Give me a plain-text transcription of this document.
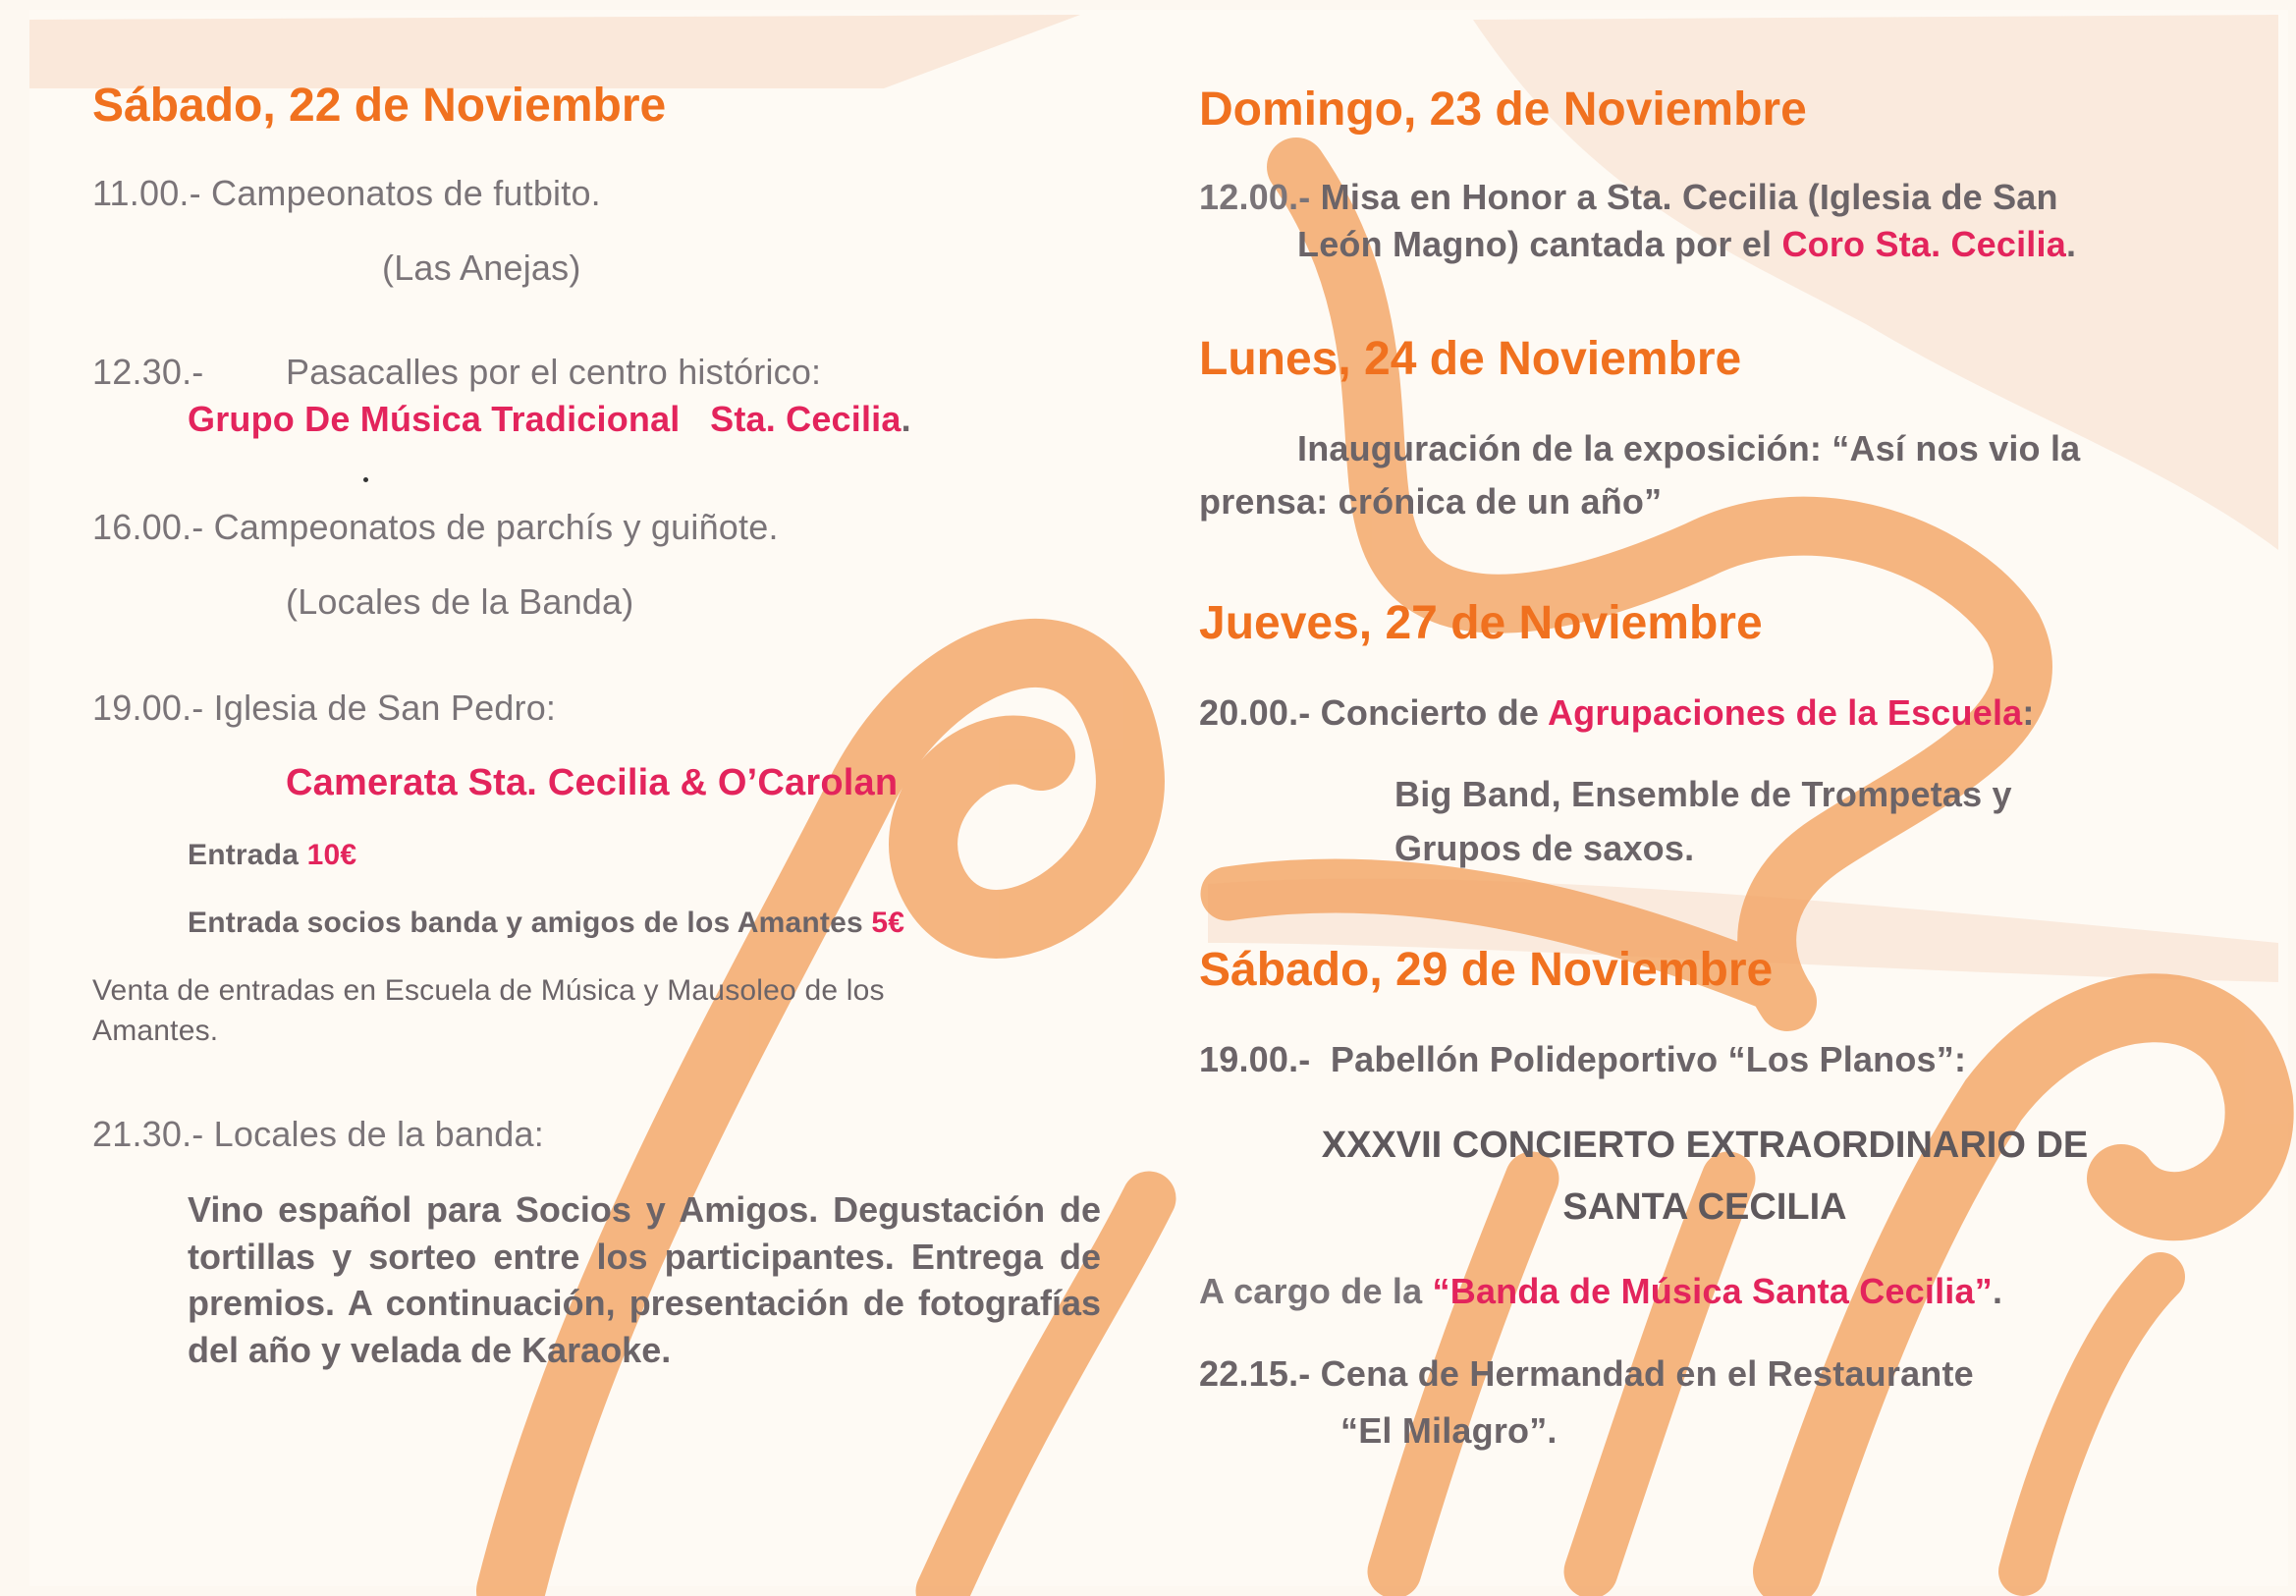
Sábado, 22 de Noviembre
11.00.- Campeonatos de futbito.
(Las Anejas)
12.30.- Pasacalles por el centro histórico:
Grupo De Música Tradicional   Sta. Cecilia.
16.00.- Campeonatos de parchís y guiñote.
(Locales de la Banda)
19.00.- Iglesia de San Pedro:
Camerata Sta. Cecilia & O’Carolan
Entrada 10€
Entrada socios banda y amigos de los Amantes 5€
Venta de entradas en Escuela de Música y Mausoleo de los
Amantes.
21.30.- Locales de la banda:
Vino español para Socios y Amigos. Degustación de tortillas y sorteo entre los participantes. Entrega de premios. A continuación, presentación de fotografías del año y velada de Karaoke.
Domingo, 23 de Noviembre
12.00.- Misa en Honor a Sta. Cecilia (Iglesia de San
León Magno) cantada por el Coro Sta. Cecilia.
Lunes, 24 de Noviembre
Inauguración de la exposición: “Así nos vio la
prensa: crónica de un año”
Jueves, 27 de Noviembre
20.00.- Concierto de Agrupaciones de la Escuela:
Big Band, Ensemble de Trompetas y
Grupos de saxos.
Sábado, 29 de Noviembre
19.00.-  Pabellón Polideportivo “Los Planos”:
XXXVII CONCIERTO EXTRAORDINARIO DE
SANTA CECILIA
A cargo de la “Banda de Música Santa Cecilia”.
22.15.- Cena de Hermandad en el Restaurante
“El Milagro”.
